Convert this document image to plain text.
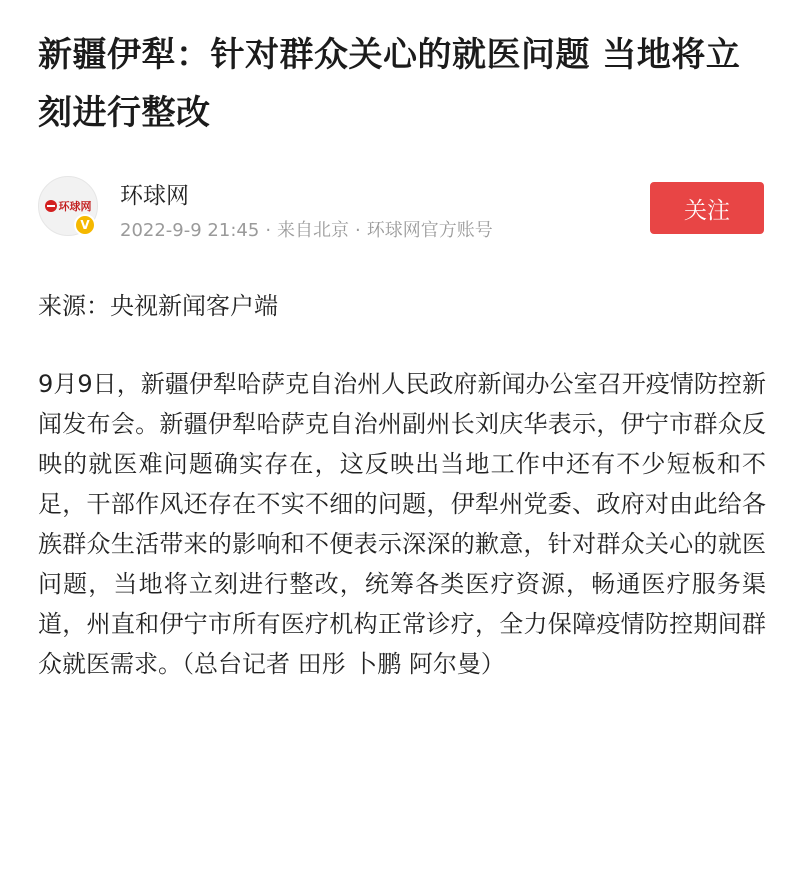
新疆伊犁：针对群众关心的就医问题 当地将立刻进行整改
环球网
V
环球网
2022-9-9 21:45 · 来自北京 · 环球网官方账号
关注

来源：央视新闻客户端

9月9日，新疆伊犁哈萨克自治州人民政府新闻办公室召开疫情防控新闻发布会。新疆伊犁哈萨克自治州副州长刘庆华表示，伊宁市群众反映的就医难问题确实存在，这反映出当地工作中还有不少短板和不足，干部作风还存在不实不细的问题，伊犁州党委、政府对由此给各族群众生活带来的影响和不便表示深深的歉意，针对群众关心的就医问题，当地将立刻进行整改，统筹各类医疗资源，畅通医疗服务渠道，州直和伊宁市所有医疗机构正常诊疗，全力保障疫情防控期间群众就医需求。（总台记者 田彤 卜鹏 阿尔曼）
